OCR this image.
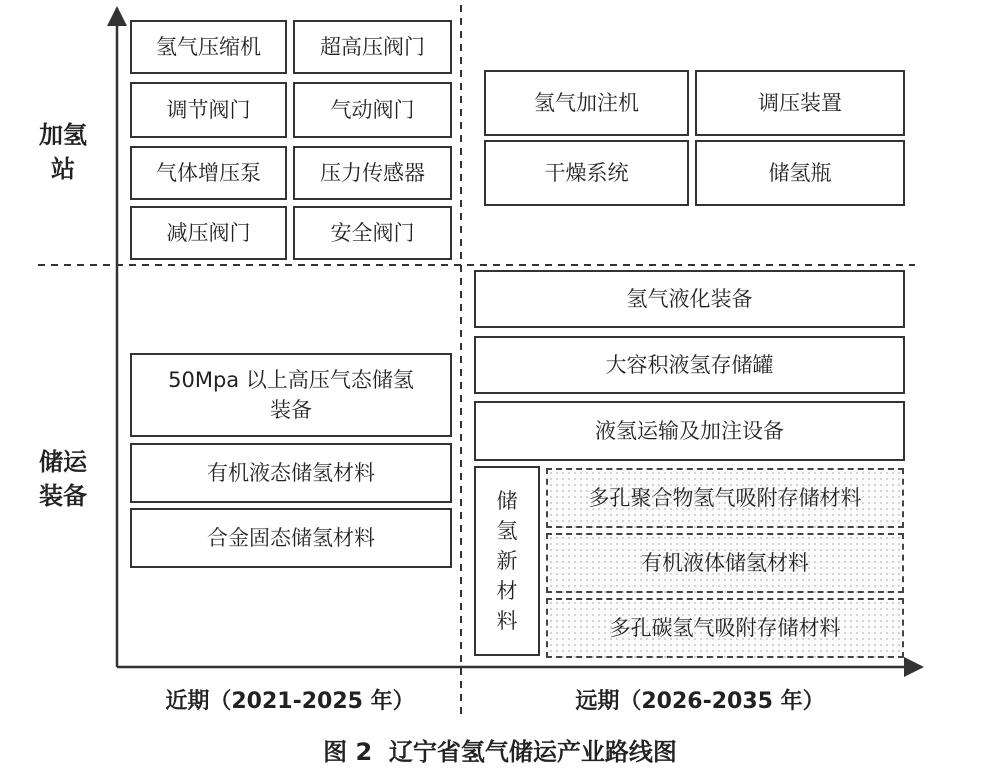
加氢
站
储运
装备
氢气压缩机	超高压阀门
调节阀门	气动阀门
气体增压泵	压力传感器
减压阀门	安全阀门
氢气加注机	调压装置
干燥系统	储氢瓶
50Mpa 以上高压气态储氢
装备
有机液态储氢材料
合金固态储氢材料
氢气液化装备
大容积液氢存储罐
液氢运输及加注设备
储
氢
新
材
料
多孔聚合物氢气吸附存储材料
有机液体储氢材料
多孔碳氢气吸附存储材料
近期（2021-2025 年）	远期（2026-2035 年）
图 2  辽宁省氢气储运产业路线图
